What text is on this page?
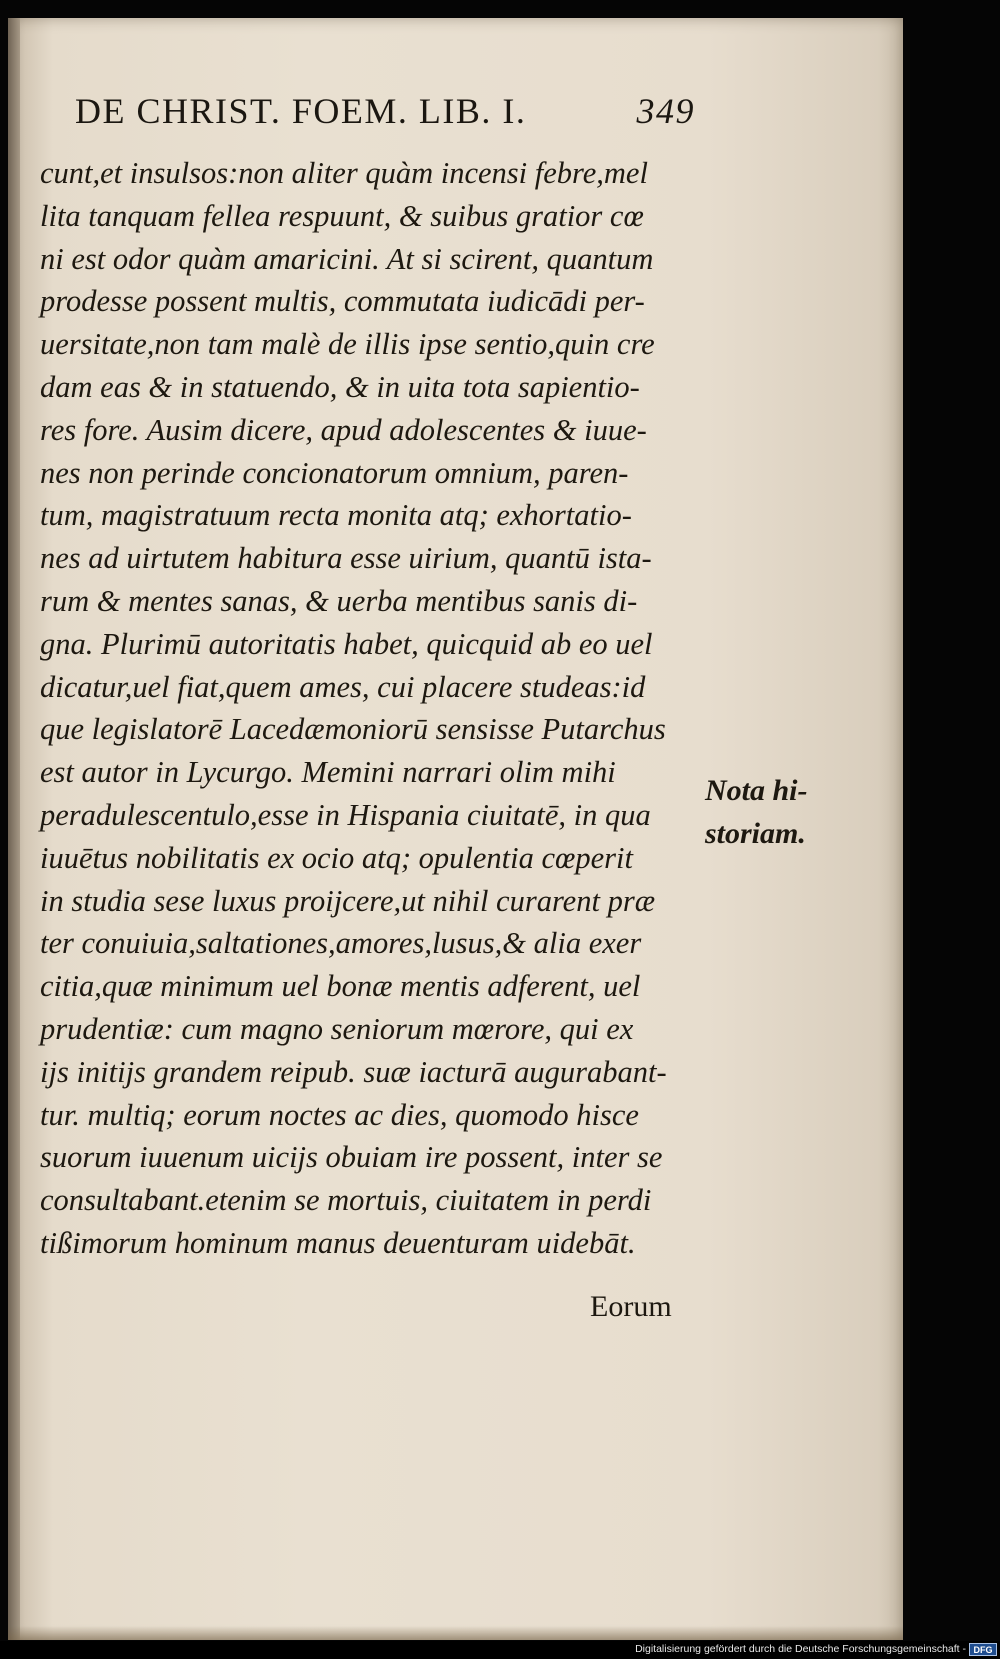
DE CHRIST. FOEM. LIB. I.	349
cunt,et insulsos:non aliter quàm incensi febre,mel
lita tanquam fellea respuunt, & suibus gratior cœ
ni est odor quàm amaricini. At si scirent, quantum
prodesse possent multis, commutata iudicādi per-
uersitate,non tam malè de illis ipse sentio,quin cre
dam eas & in statuendo, & in uita tota sapientio-
res fore. Ausim dicere, apud adolescentes & iuue-
nes non perinde concionatorum omnium, paren-
tum, magistratuum recta monita atq; exhortatio-
nes ad uirtutem habitura esse uirium, quantū ista-
rum & mentes sanas, & uerba mentibus sanis di-
gna. Plurimū autoritatis habet, quicquid ab eo uel
dicatur,uel fiat,quem ames, cui placere studeas:id
que legislatorē Lacedæmoniorū sensisse Putarchus
est autor in Lycurgo. Memini narrari olim mihi
peradulescentulo,esse in Hispania ciuitatē, in qua
iuuētus nobilitatis ex ocio atq; opulentia cœperit
in studia sese luxus proijcere,ut nihil curarent præ
ter conuiuia,saltationes,amores,lusus,& alia exer
citia,quæ minimum uel bonæ mentis adferent, uel
prudentiæ: cum magno seniorum mœrore, qui ex
ijs initijs grandem reipub. suæ iacturā augurabant-
tur. multiq; eorum noctes ac dies, quomodo hisce
suorum iuuenum uicijs obuiam ire possent, inter se
consultabant.etenim se mortuis, ciuitatem in perdi
tißimorum hominum manus deuenturam uidebāt.
Eorum
Nota hi-
storiam.
Digitalisierung gefördert durch die Deutsche Forschungsgemeinschaft - DFG
